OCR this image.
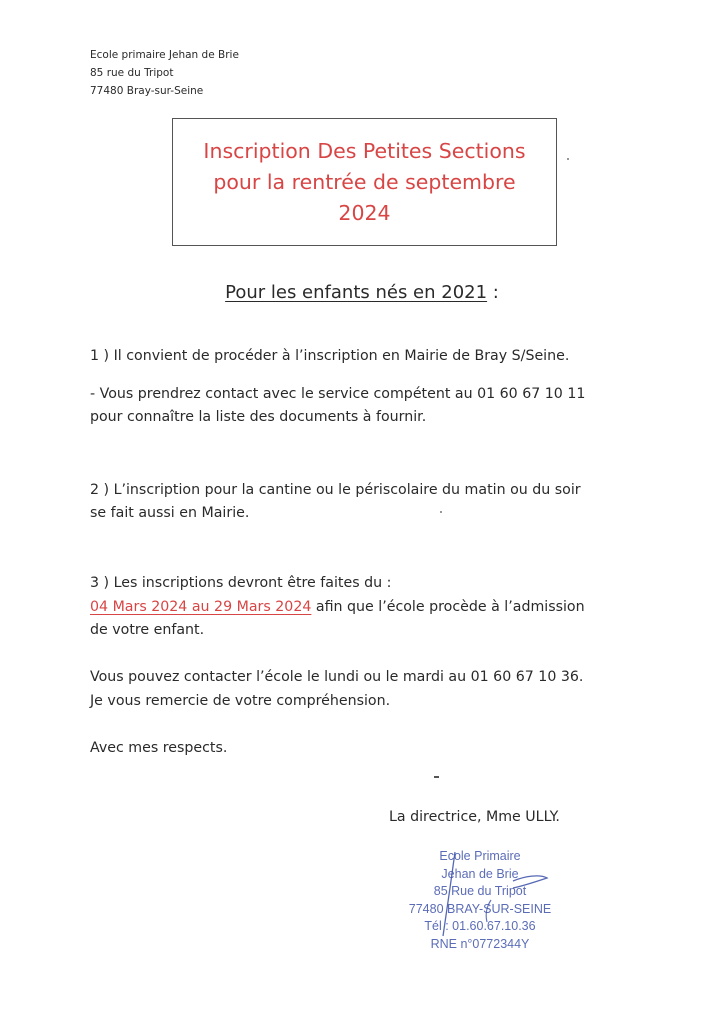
Ecole primaire Jehan de Brie
85 rue du Tripot
77480 Bray-sur-Seine
Inscription Des Petites Sections
pour la rentrée de septembre
2024
Pour les enfants nés en 2021 :
1 ) Il convient de procéder à l’inscription en Mairie de Bray S/Seine.
- Vous prendrez contact avec le service compétent au 01 60 67 10 11
pour connaître la liste des documents à fournir.
2 ) L’inscription pour la cantine ou le périscolaire du matin ou du soir
se fait aussi en Mairie.
3 ) Les inscriptions devront être faites du :
04 Mars 2024 au 29 Mars 2024 afin que l’école procède à l’admission
de votre enfant.
Vous pouvez contacter l’école le lundi ou le mardi au 01 60 67 10 36.
Je vous remercie de votre compréhension.
Avec mes respects.
La directrice, Mme ULLY.
Ecole Primaire
Jehan de Brie
85 Rue du Tripot
77480 BRAY-SUR-SEINE
Tél : 01.60.67.10.36
RNE n°0772344Y
